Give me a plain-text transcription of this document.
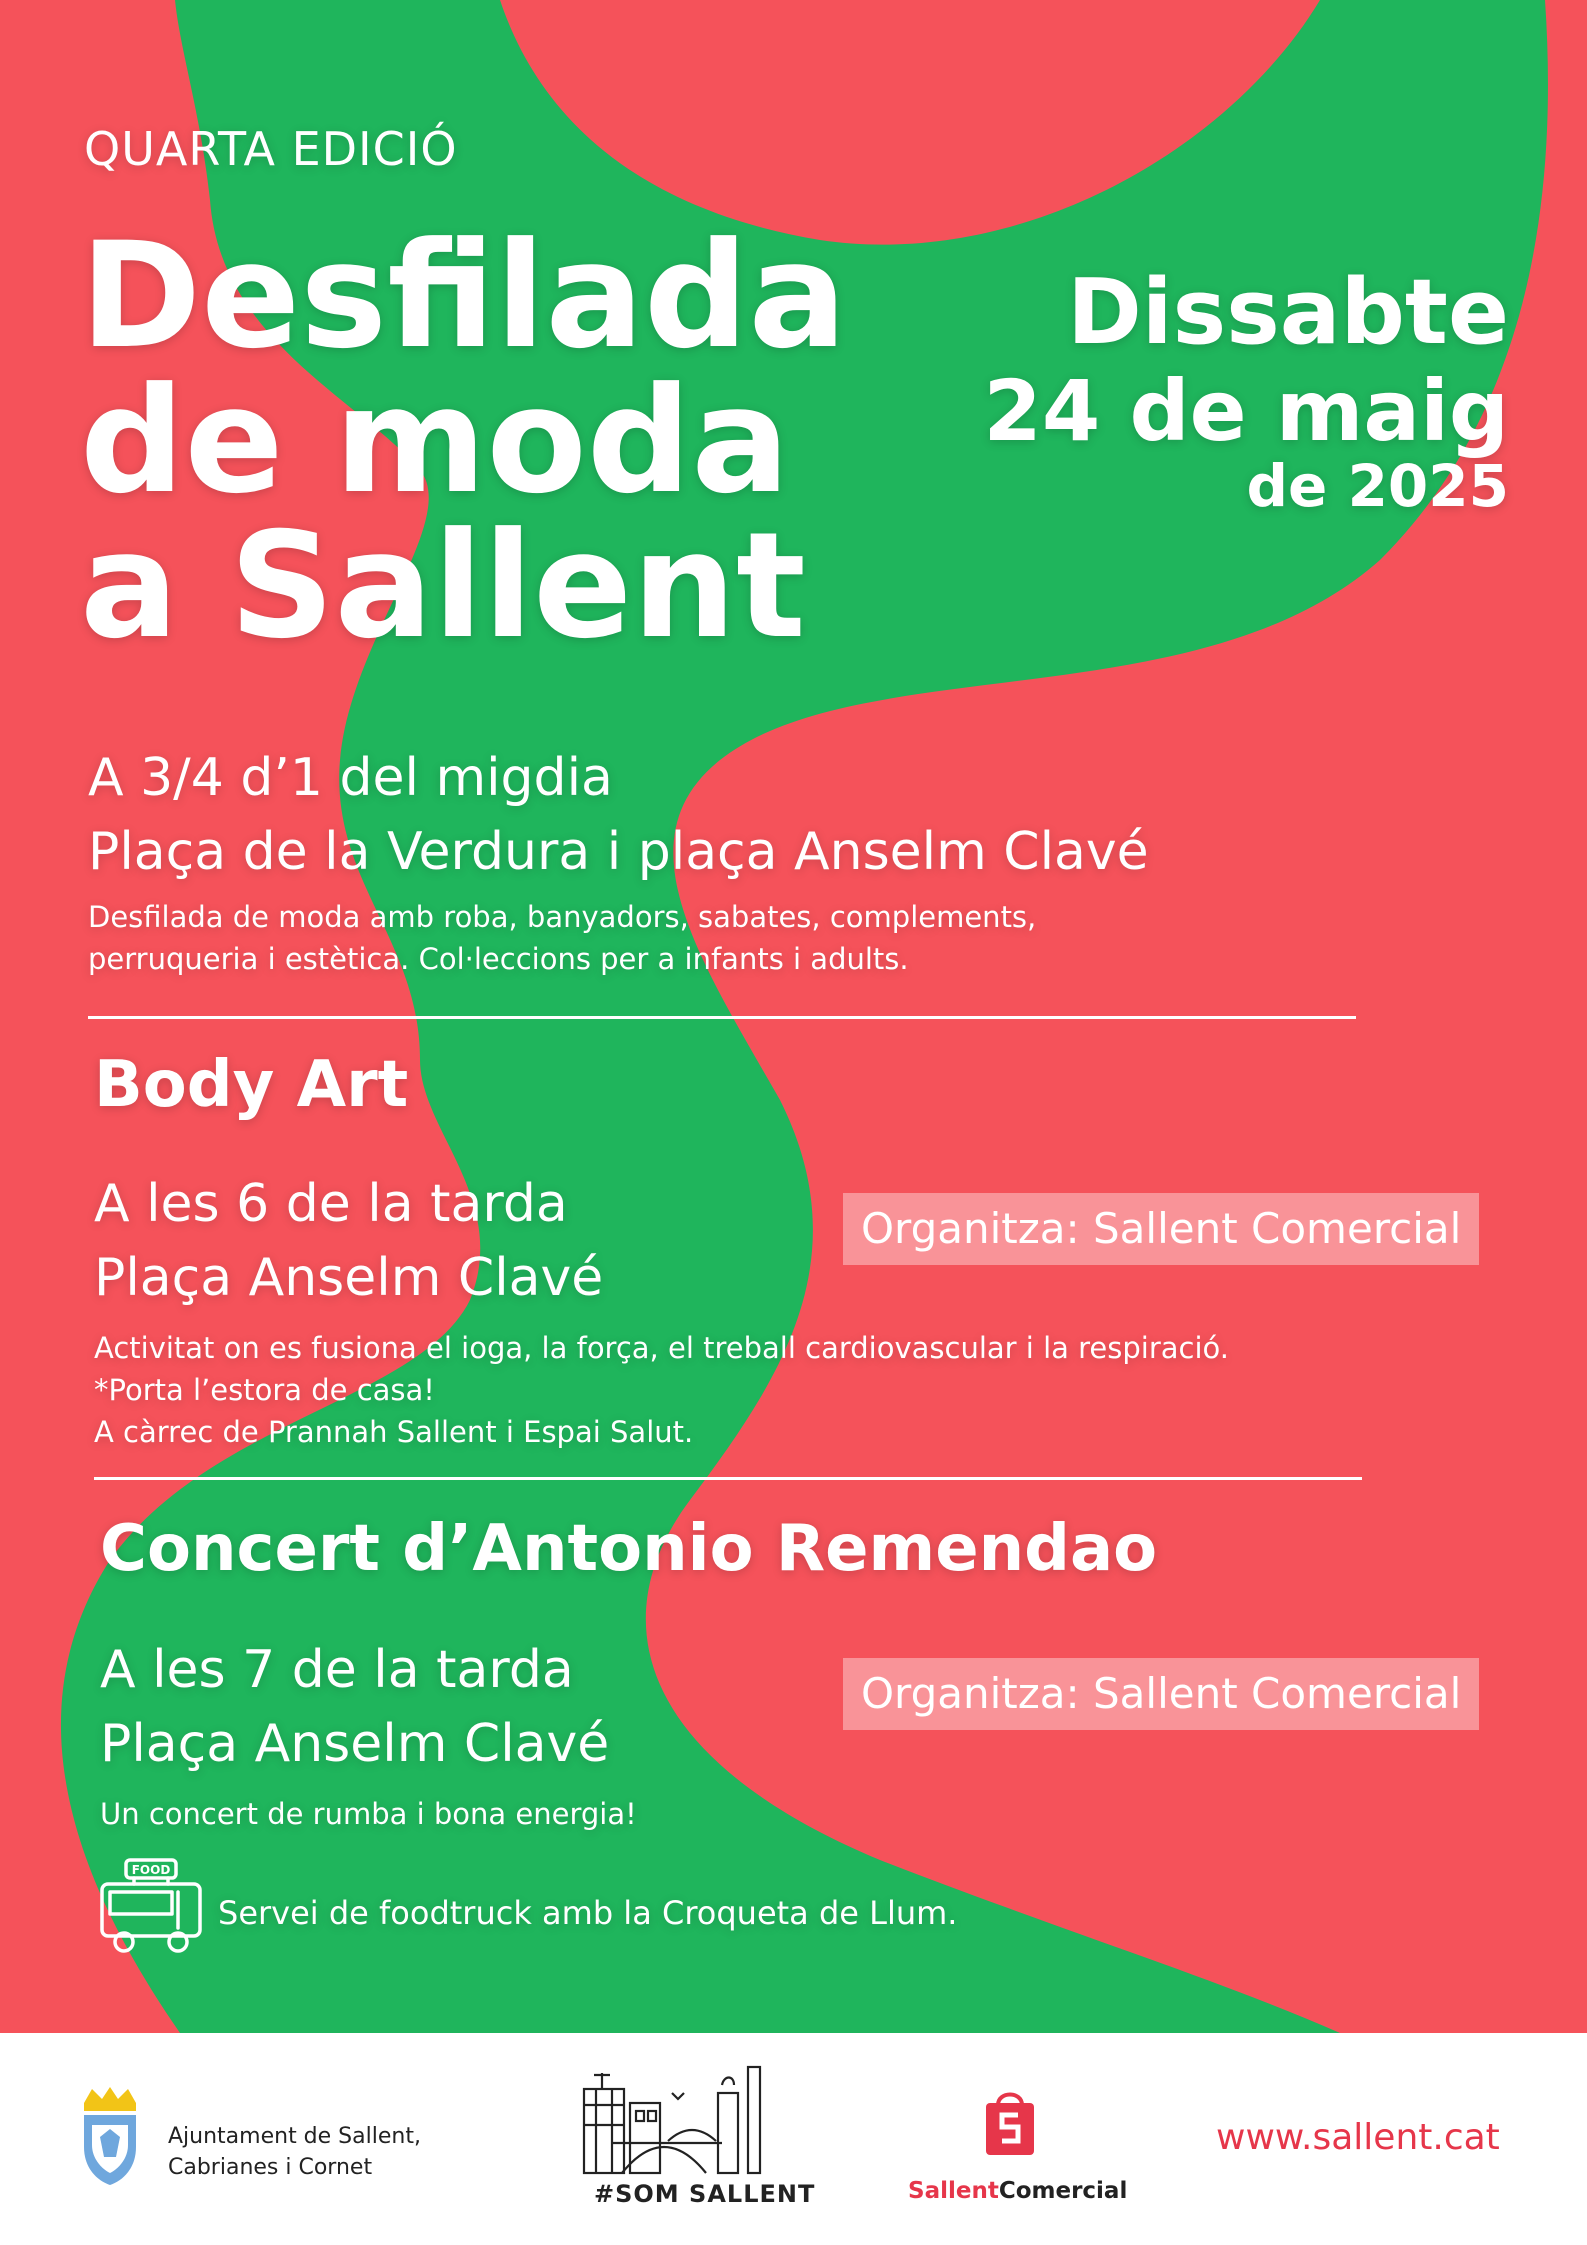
QUARTA EDICIÓ
Desfilada
de moda
a Sallent
Dissabte
24 de maig
de 2025
A 3/4 d’1 del migdia
Plaça de la Verdura i plaça Anselm Clavé
Desfilada de moda amb roba, banyadors, sabates, complements,
perruqueria i estètica. Col·leccions per a infants i adults.
Body Art
A les 6 de la tarda
Plaça Anselm Clavé
Organitza: Sallent Comercial
Activitat on es fusiona el ioga, la força, el treball cardiovascular i la respiració.
*Porta l’estora de casa!
A càrrec de Prannah Sallent i Espai Salut.
Concert d’Antonio Remendao
A les 7 de la tarda
Plaça Anselm Clavé
Organitza: Sallent Comercial
Un concert de rumba i bona energia!
FOOD
Servei de foodtruck amb la Croqueta de Llum.
Ajuntament de Sallent,
Cabrianes i Cornet
#SOM SALLENT	SallentComercial
www.sallent.cat
